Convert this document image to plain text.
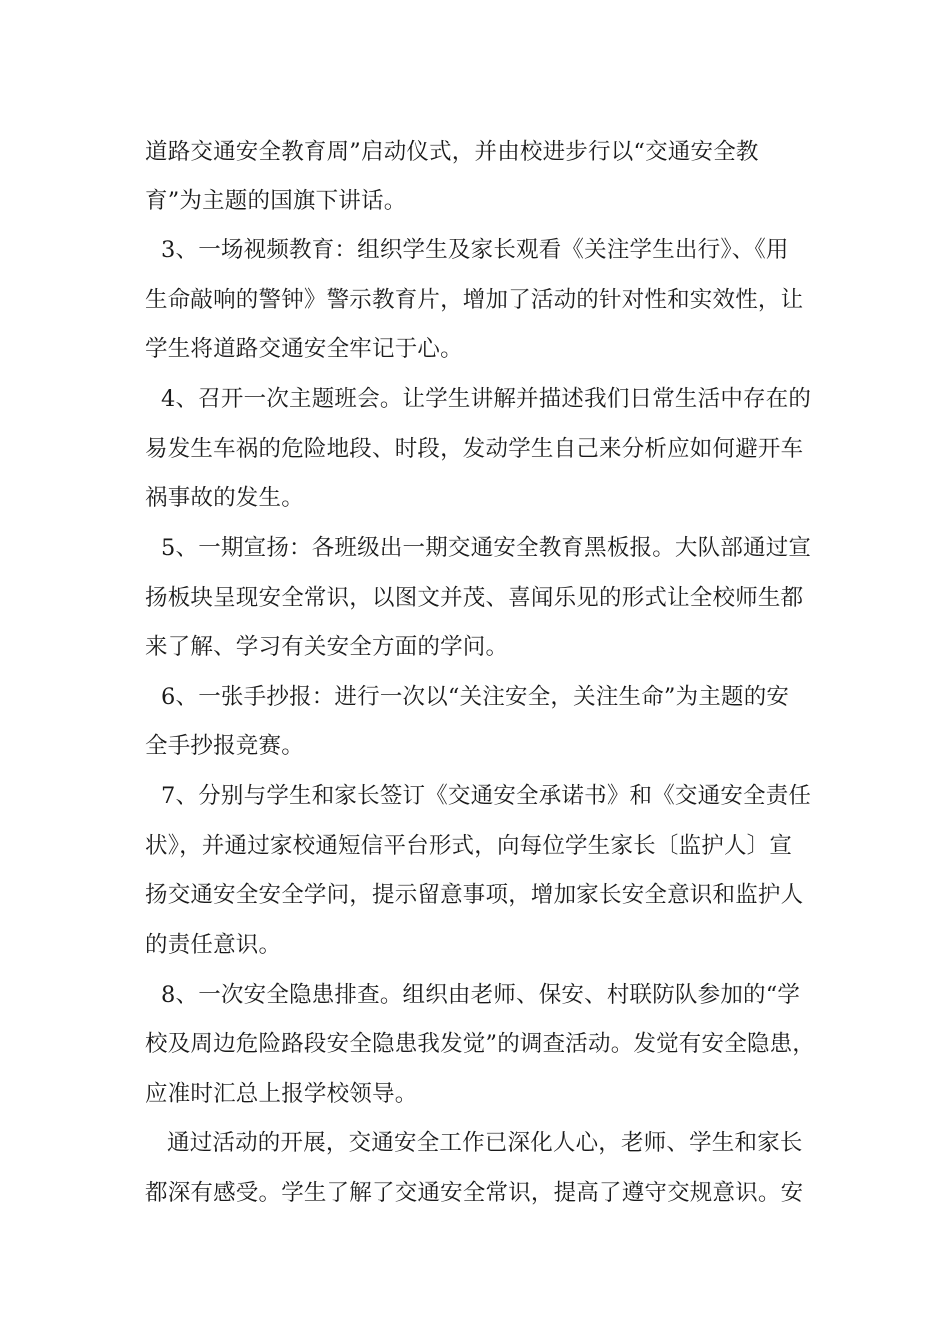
道路交通安全教育周”启动仪式，并由校进步行以“交通安全教
育”为主题的国旗下讲话。
3、一场视频教育：组织学生及家长观看《关注学生出行》、《用
生命敲响的警钟》警示教育片，增加了活动的针对性和实效性，让
学生将道路交通安全牢记于心。
4、召开一次主题班会。让学生讲解并描述我们日常生活中存在的
易发生车祸的危险地段、时段，发动学生自己来分析应如何避开车
祸事故的发生。
5、一期宣扬：各班级出一期交通安全教育黑板报。大队部通过宣
扬板块呈现安全常识，以图文并茂、喜闻乐见的形式让全校师生都
来了解、学习有关安全方面的学问。
6、一张手抄报：进行一次以“关注安全，关注生命”为主题的安
全手抄报竞赛。
7、分别与学生和家长签订《交通安全承诺书》和《交通安全责任
状》，并通过家校通短信平台形式，向每位学生家长〔监护人〕宣
扬交通安全安全学问，提示留意事项，增加家长安全意识和监护人
的责任意识。
8、一次安全隐患排查。组织由老师、保安、村联防队参加的“学
校及周边危险路段安全隐患我发觉”的调查活动。发觉有安全隐患，
应准时汇总上报学校领导。
通过活动的开展，交通安全工作已深化人心，老师、学生和家长
都深有感受。学生了解了交通安全常识，提高了遵守交规意识。安
